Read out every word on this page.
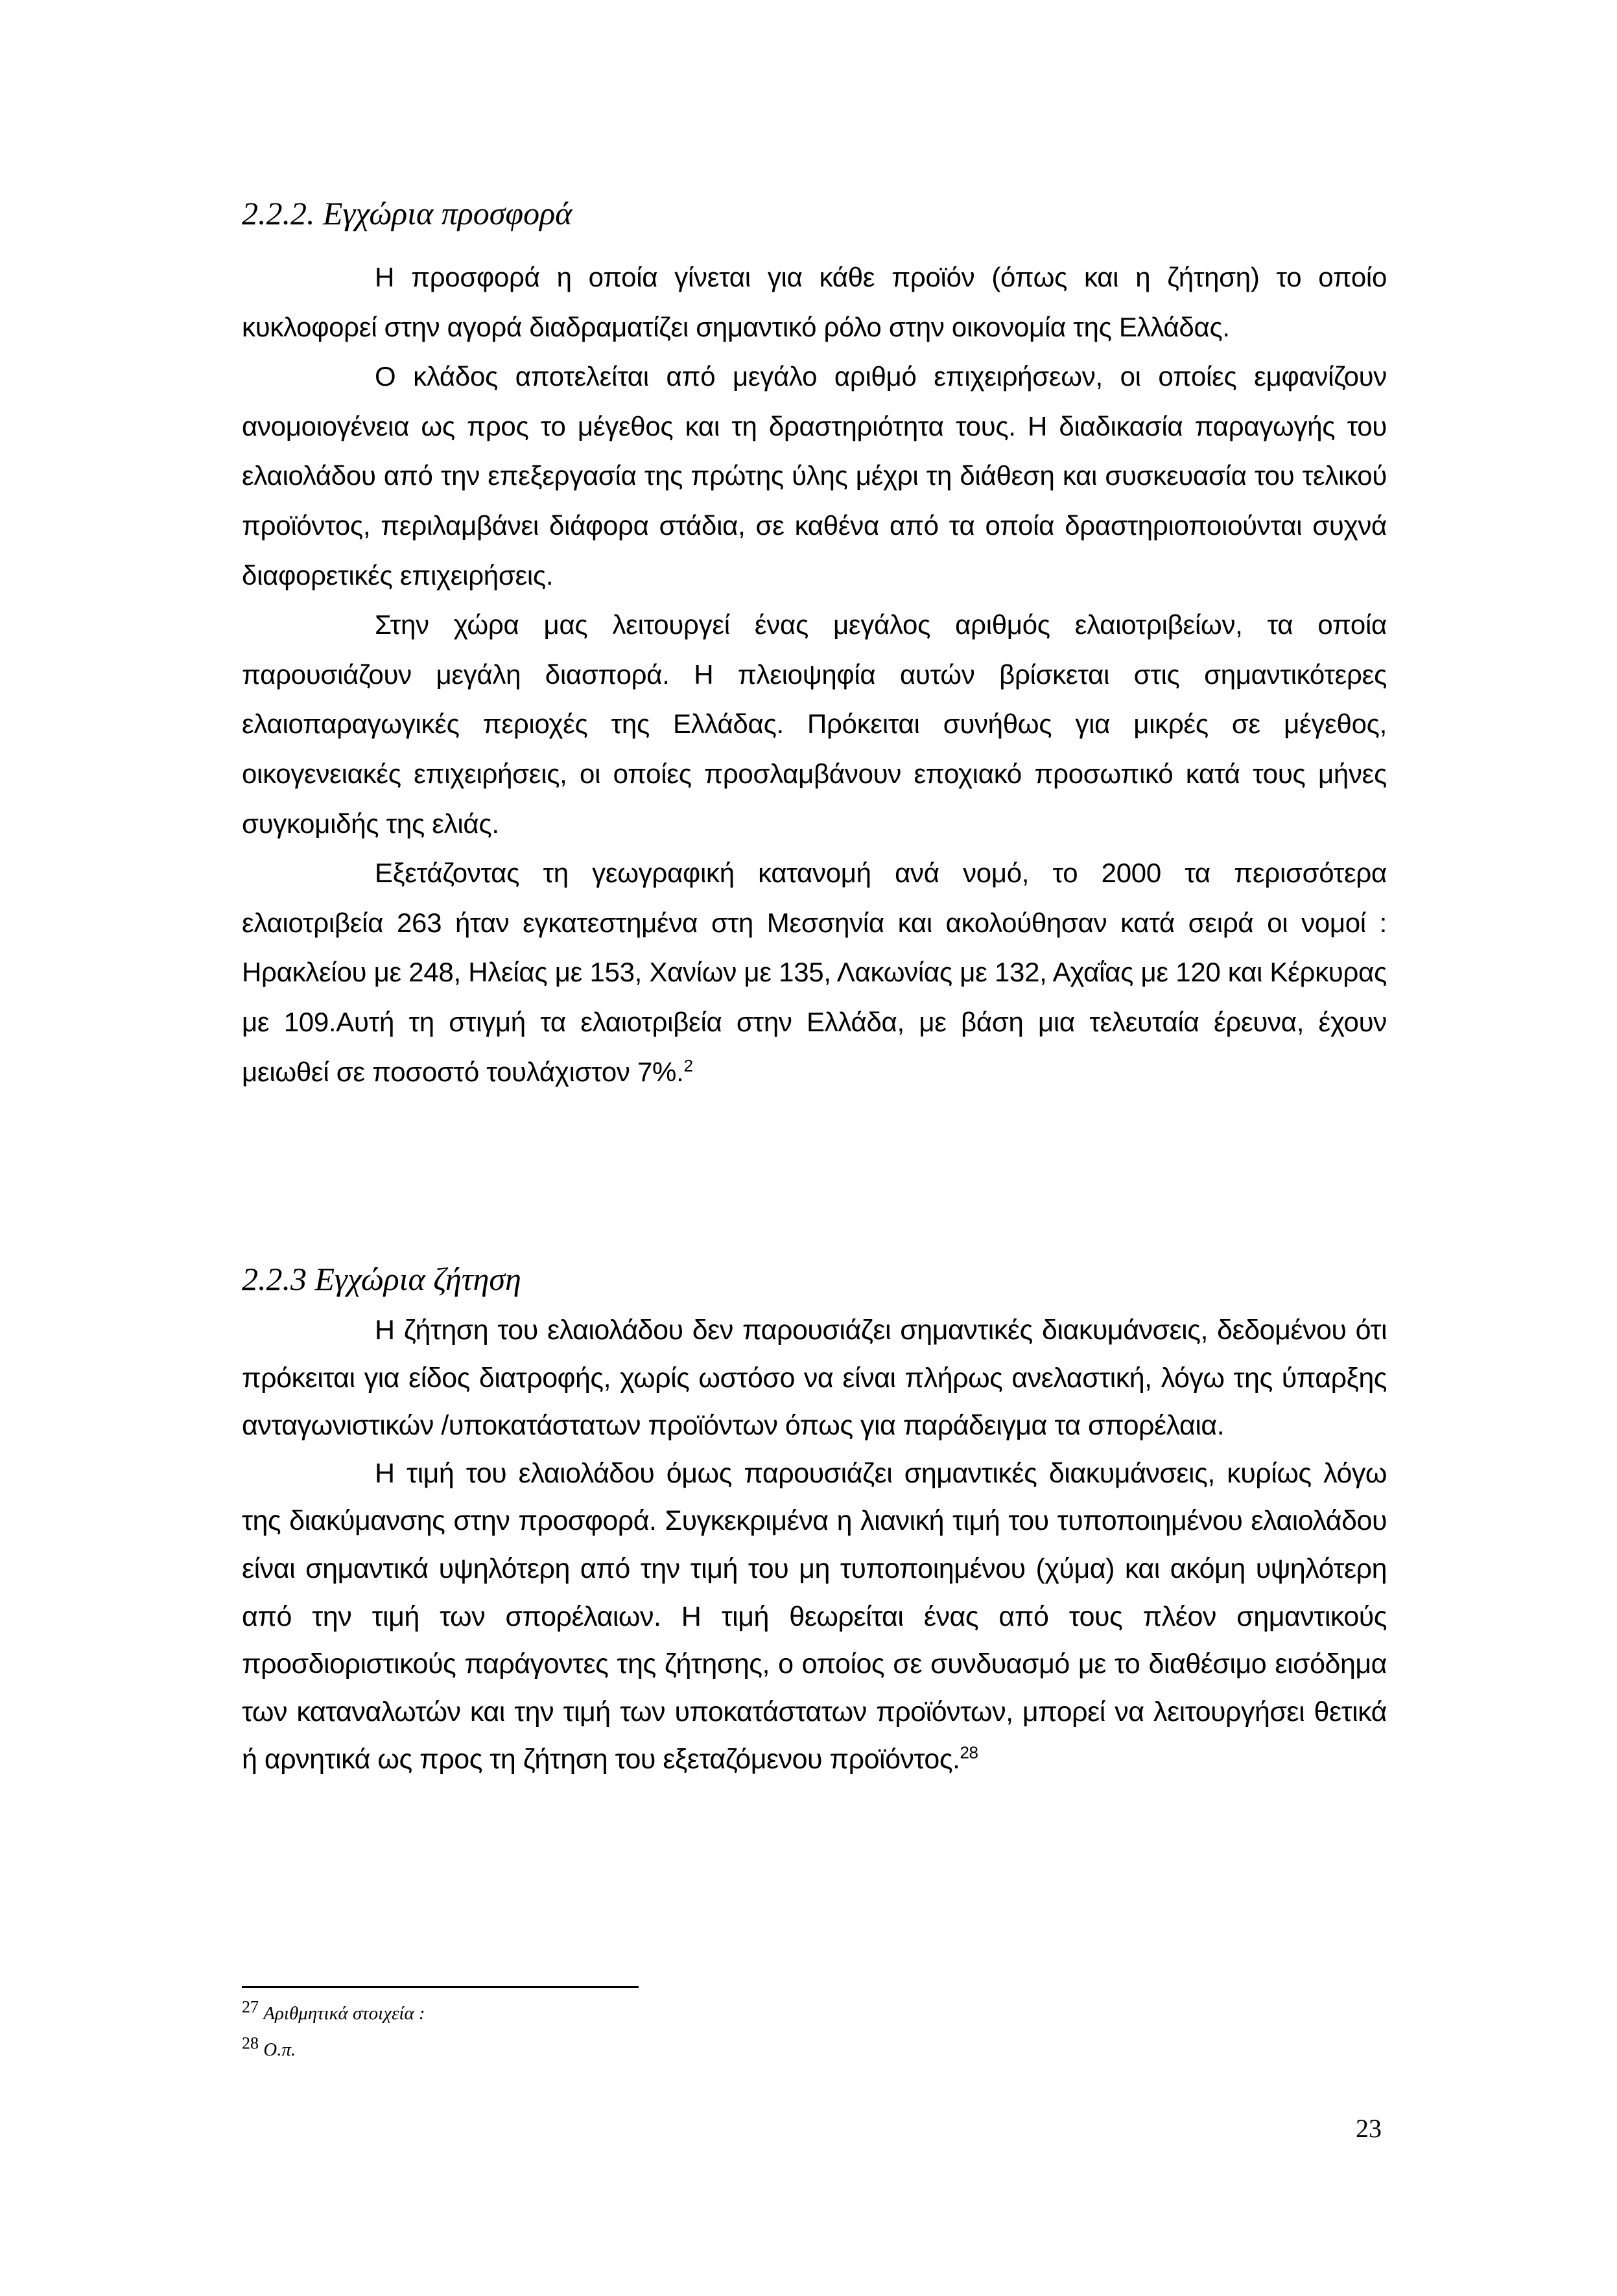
2.2.2. Εγχώρια προσφορά
Η προσφορά η οποία γίνεται για κάθε προϊόν (όπως και η ζήτηση) το οποίο κυκλοφορεί στην αγορά διαδραματίζει σημαντικό ρόλο στην οικονομία της Ελλάδας.
Ο κλάδος αποτελείται από μεγάλο αριθμό επιχειρήσεων, οι οποίες εμφανίζουν ανομοιογένεια ως προς το μέγεθος και τη δραστηριότητα τους. Η διαδικασία παραγωγής του ελαιολάδου από την επεξεργασία της πρώτης ύλης μέχρι τη διάθεση και συσκευασία του τελικού προϊόντος, περιλαμβάνει διάφορα στάδια, σε καθένα από τα οποία δραστηριοποιούνται συχνά διαφορετικές επιχειρήσεις.
Στην χώρα μας λειτουργεί ένας μεγάλος αριθμός ελαιοτριβείων, τα οποία παρουσιάζουν μεγάλη διασπορά. Η πλειοψηφία αυτών βρίσκεται στις σημαντικότερες ελαιοπαραγωγικές περιοχές της Ελλάδας. Πρόκειται συνήθως για μικρές σε μέγεθος, οικογενειακές επιχειρήσεις, οι οποίες προσλαμβάνουν εποχιακό προσωπικό κατά τους μήνες συγκομιδής της ελιάς.
Εξετάζοντας τη γεωγραφική κατανομή ανά νομό, το 2000 τα περισσότερα ελαιοτριβεία 263 ήταν εγκατεστημένα στη Μεσσηνία και ακολούθησαν κατά σειρά οι νομοί : Ηρακλείου με 248, Ηλείας με 153, Χανίων με 135, Λακωνίας με 132, Αχαΐας με 120 και Κέρκυρας με 109.Αυτή τη στιγμή τα ελαιοτριβεία στην Ελλάδα, με βάση μια τελευταία έρευνα, έχουν μειωθεί σε ποσοστό τουλάχιστον 7%.$^2$
2.2.3 Εγχώρια ζήτηση
Η ζήτηση του ελαιολάδου δεν παρουσιάζει σημαντικές διακυμάνσεις, δεδομένου ότι πρόκειται για είδος διατροφής, χωρίς ωστόσο να είναι πλήρως ανελαστική, λόγω της ύπαρξης ανταγωνιστικών /υποκατάστατων προϊόντων όπως για παράδειγμα τα σπορέλαια.
Η τιμή του ελαιολάδου όμως παρουσιάζει σημαντικές διακυμάνσεις, κυρίως λόγω της διακύμανσης στην προσφορά. Συγκεκριμένα η λιανική τιμή του τυποποιημένου ελαιολάδου είναι σημαντικά υψηλότερη από την τιμή του μη τυποποιημένου (χύμα) και ακόμη υψηλότερη από την τιμή των σπορέλαιων. Η τιμή θεωρείται ένας από τους πλέον σημαντικούς προσδιοριστικούς παράγοντες της ζήτησης, ο οποίος σε συνδυασμό με το διαθέσιμο εισόδημα των καταναλωτών και την τιμή των υποκατάστατων προϊόντων, μπορεί να λειτουργήσει θετικά ή αρνητικά ως προς τη ζήτηση του εξεταζόμενου προϊόντος.$^{28}$
$^{27}$ Αριθμητικά στοιχεία :
$^{28}$ Ο.π.
23
